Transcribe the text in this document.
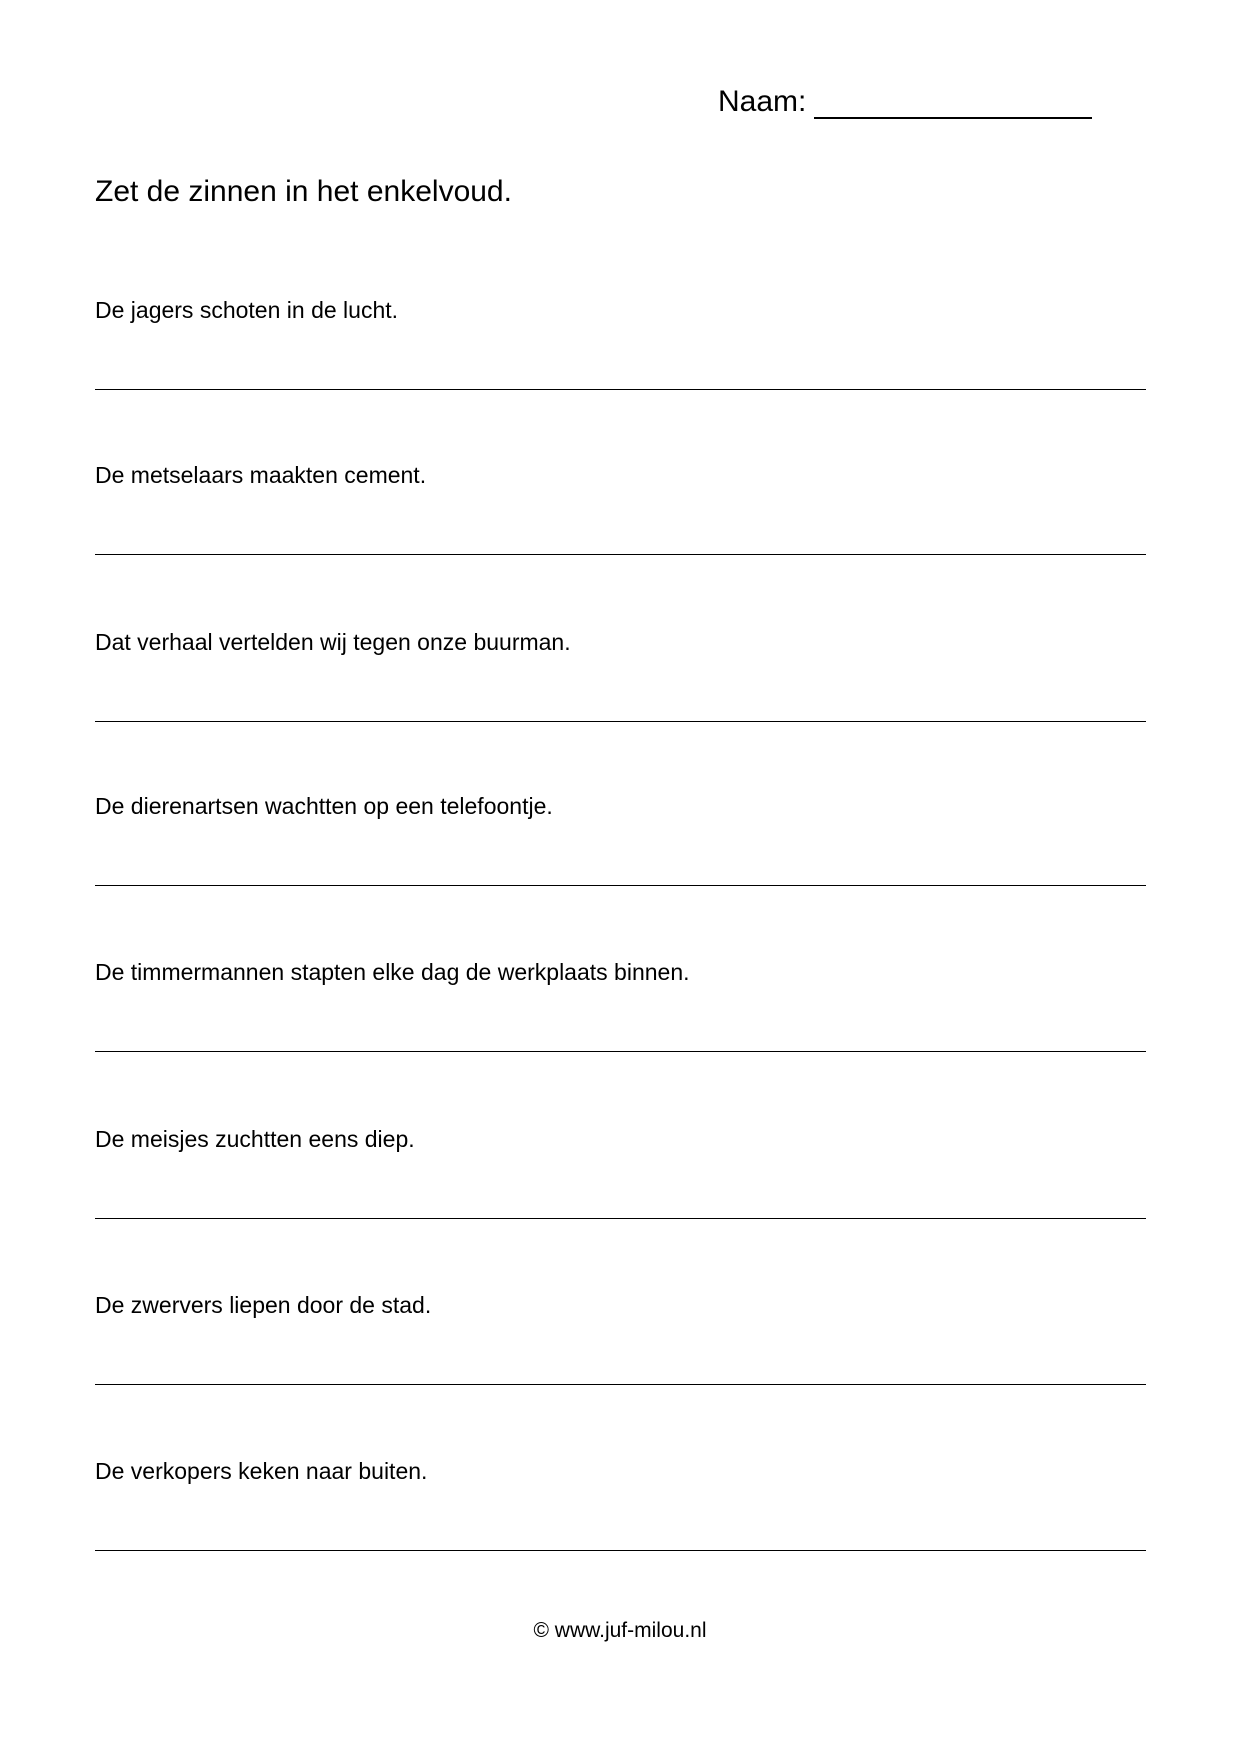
Naam:
Zet de zinnen in het enkelvoud.
De jagers schoten in de lucht.
De metselaars maakten cement.
Dat verhaal vertelden wij tegen onze buurman.
De dierenartsen wachtten op een telefoontje.
De timmermannen stapten elke dag de werkplaats binnen.
De meisjes zuchtten eens diep.
De zwervers liepen door de stad.
De verkopers keken naar buiten.
© www.juf-milou.nl
